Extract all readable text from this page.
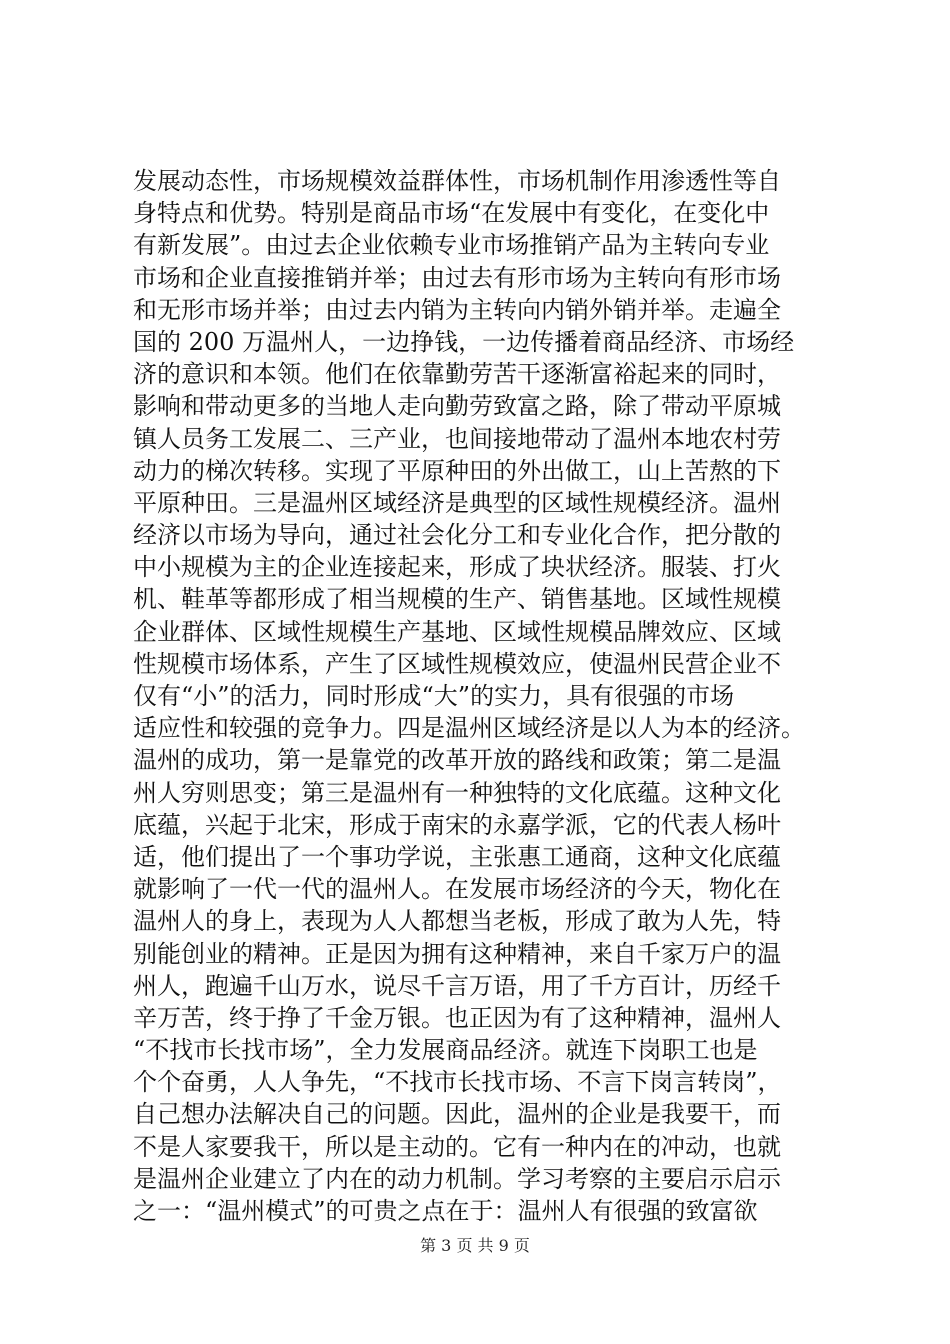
发展动态性，市场规模效益群体性，市场机制作用渗透性等自
身特点和优势。特别是商品市场“在发展中有变化，在变化中
有新发展”。由过去企业依赖专业市场推销产品为主转向专业
市场和企业直接推销并举；由过去有形市场为主转向有形市场
和无形市场并举；由过去内销为主转向内销外销并举。走遍全
国的 200 万温州人，一边挣钱，一边传播着商品经济、市场经
济的意识和本领。他们在依靠勤劳苦干逐渐富裕起来的同时，
影响和带动更多的当地人走向勤劳致富之路，除了带动平原城
镇人员务工发展二、三产业，也间接地带动了温州本地农村劳
动力的梯次转移。实现了平原种田的外出做工，山上苦熬的下
平原种田。三是温州区域经济是典型的区域性规模经济。温州
经济以市场为导向，通过社会化分工和专业化合作，把分散的
中小规模为主的企业连接起来，形成了块状经济。服装、打火
机、鞋革等都形成了相当规模的生产、销售基地。区域性规模
企业群体、区域性规模生产基地、区域性规模品牌效应、区域
性规模市场体系，产生了区域性规模效应，使温州民营企业不
仅有“小”的活力，同时形成“大”的实力，具有很强的市场
适应性和较强的竞争力。四是温州区域经济是以人为本的经济。
温州的成功，第一是靠党的改革开放的路线和政策；第二是温
州人穷则思变；第三是温州有一种独特的文化底蕴。这种文化
底蕴，兴起于北宋，形成于南宋的永嘉学派，它的代表人杨叶
适，他们提出了一个事功学说，主张惠工通商，这种文化底蕴
就影响了一代一代的温州人。在发展市场经济的今天，物化在
温州人的身上，表现为人人都想当老板，形成了敢为人先，特
别能创业的精神。正是因为拥有这种精神，来自千家万户的温
州人，跑遍千山万水，说尽千言万语，用了千方百计，历经千
辛万苦，终于挣了千金万银。也正因为有了这种精神，温州人
“不找市长找市场”，全力发展商品经济。就连下岗职工也是
个个奋勇，人人争先，“不找市长找市场、不言下岗言转岗”，
自己想办法解决自己的问题。因此，温州的企业是我要干，而
不是人家要我干，所以是主动的。它有一种内在的冲动，也就
是温州企业建立了内在的动力机制。学习考察的主要启示启示
之一：“温州模式”的可贵之点在于：温州人有很强的致富欲
第 3 页 共 9 页
